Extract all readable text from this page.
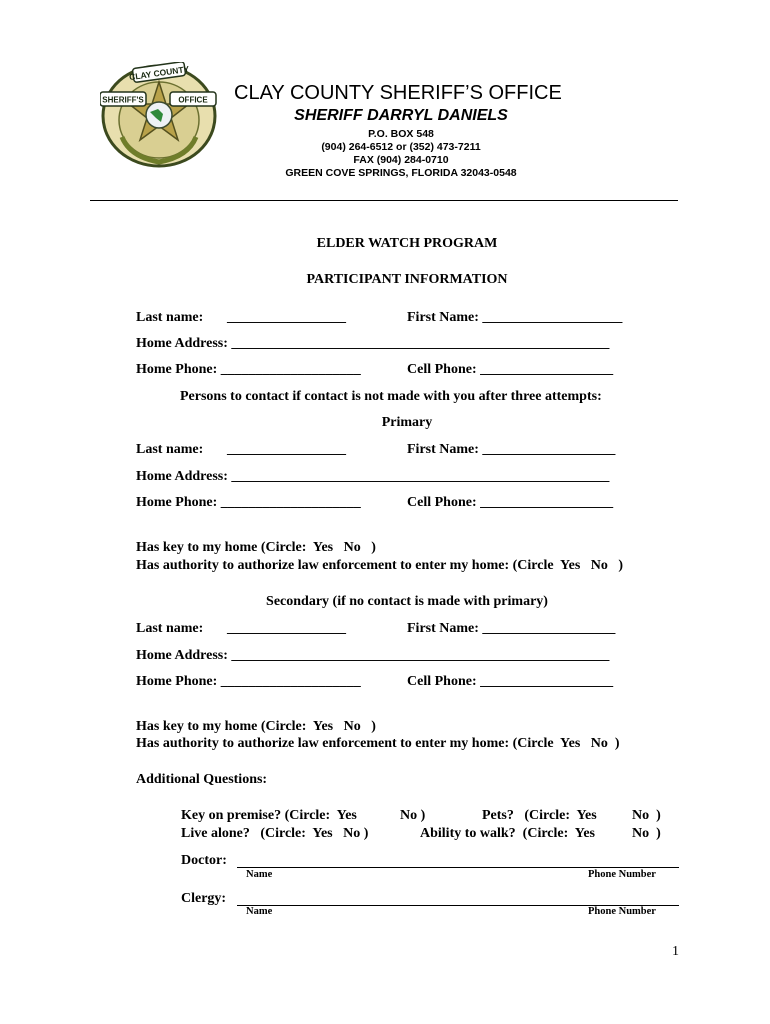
CLAY COUNTY
SHERIFF'S	OFFICE CLAY COUNTY SHERIFF’S OFFICE
SHERIFF DARRYL DANIELS
P.O. BOX 548
(904) 264-6512 or (352) 473-7211
FAX (904) 284-0710
GREEN COVE SPRINGS, FLORIDA 32043-0548
ELDER WATCH PROGRAM
PARTICIPANT INFORMATION
Last name: _________________	First Name: ____________________
Home Address: ______________________________________________________
Home Phone: ____________________	Cell Phone: ___________________
Persons to contact if contact is not made with you after three attempts:
Primary
Last name: _________________	First Name: ___________________
Home Address: ______________________________________________________
Home Phone: ____________________	Cell Phone: ___________________
Has key to my home (Circle:  Yes   No   )
Has authority to authorize law enforcement to enter my home: (Circle  Yes   No   )
Secondary (if no contact is made with primary)
Last name: _________________	First Name: ___________________
Home Address: ______________________________________________________
Home Phone: ____________________	Cell Phone: ___________________
Has key to my home (Circle:  Yes   No   )
Has authority to authorize law enforcement to enter my home: (Circle  Yes   No  )
Additional Questions:
Key on premise? (Circle:  Yes	No )	Pets?   (Circle:  Yes	No  )
Live alone?   (Circle:  Yes   No )	Ability to walk?  (Circle:  Yes	No  )
Doctor:
Name	Phone Number
Clergy:
Name	Phone Number
1
